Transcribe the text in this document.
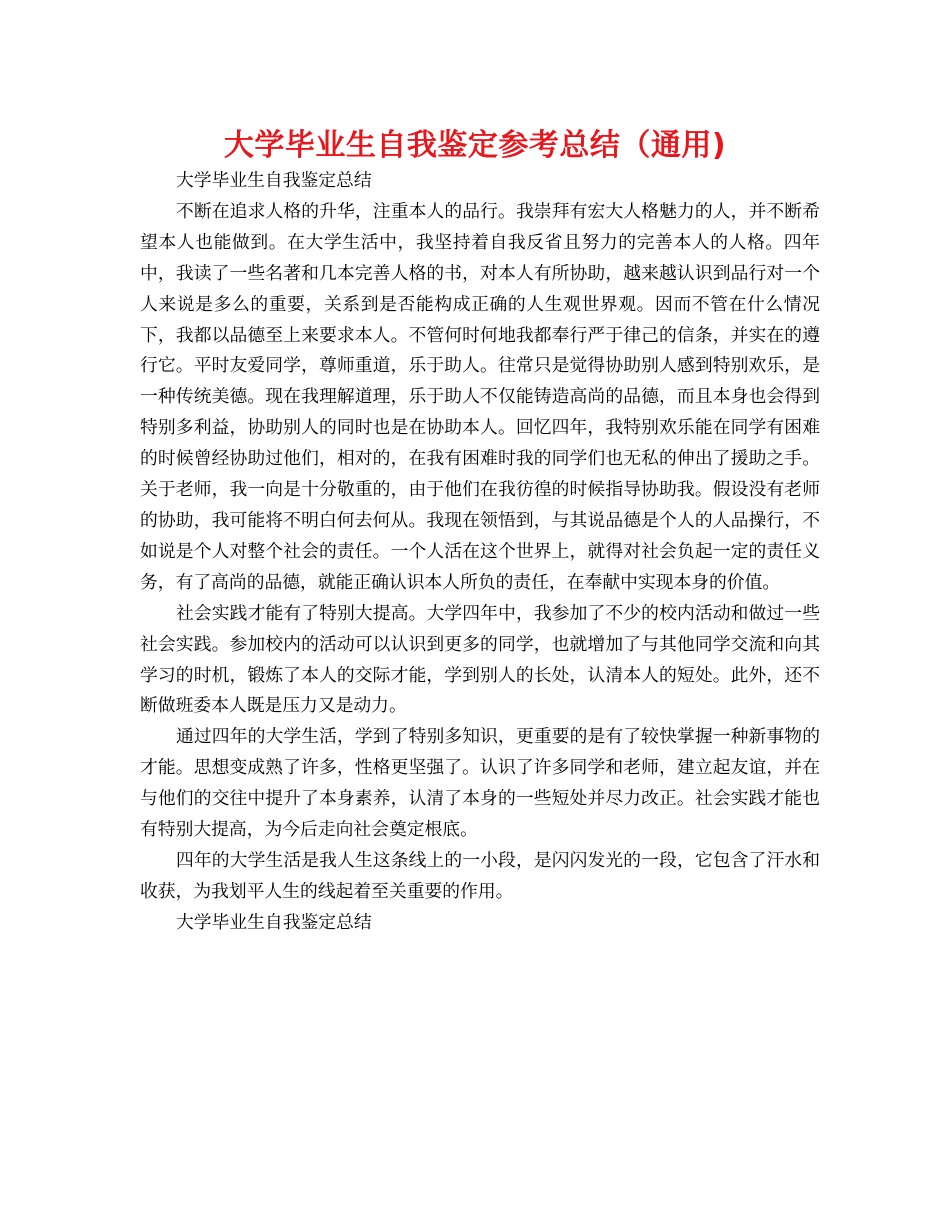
大学毕业生自我鉴定参考总结（通用)

大学毕业生自我鉴定总结

不断在追求人格的升华，注重本人的品行。我崇拜有宏大人格魅力的人，并不断希望本人也能做到。在大学生活中，我坚持着自我反省且努力的完善本人的人格。四年中，我读了一些名著和几本完善人格的书，对本人有所协助，越来越认识到品行对一个人来说是多么的重要，关系到是否能构成正确的人生观世界观。因而不管在什么情况下，我都以品德至上来要求本人。不管何时何地我都奉行严于律己的信条，并实在的遵行它。平时友爱同学，尊师重道，乐于助人。往常只是觉得协助别人感到特别欢乐，是一种传统美德。现在我理解道理，乐于助人不仅能铸造高尚的品德，而且本身也会得到特别多利益，协助别人的同时也是在协助本人。回忆四年，我特别欢乐能在同学有困难的时候曾经协助过他们，相对的，在我有困难时我的同学们也无私的伸出了援助之手。关于老师，我一向是十分敬重的，由于他们在我彷徨的时候指导协助我。假设没有老师的协助，我可能将不明白何去何从。我现在领悟到，与其说品德是个人的人品操行，不如说是个人对整个社会的责任。一个人活在这个世界上，就得对社会负起一定的责任义务，有了高尚的品德，就能正确认识本人所负的责任，在奉献中实现本身的价值。

社会实践才能有了特别大提高。大学四年中，我参加了不少的校内活动和做过一些社会实践。参加校内的活动可以认识到更多的同学，也就增加了与其他同学交流和向其学习的时机，锻炼了本人的交际才能，学到别人的长处，认清本人的短处。此外，还不断做班委本人既是压力又是动力。

通过四年的大学生活，学到了特别多知识，更重要的是有了较快掌握一种新事物的才能。思想变成熟了许多，性格更坚强了。认识了许多同学和老师，建立起友谊，并在与他们的交往中提升了本身素养，认清了本身的一些短处并尽力改正。社会实践才能也有特别大提高，为今后走向社会奠定根底。

四年的大学生活是我人生这条线上的一小段，是闪闪发光的一段，它包含了汗水和收获，为我划平人生的线起着至关重要的作用。

大学毕业生自我鉴定总结
